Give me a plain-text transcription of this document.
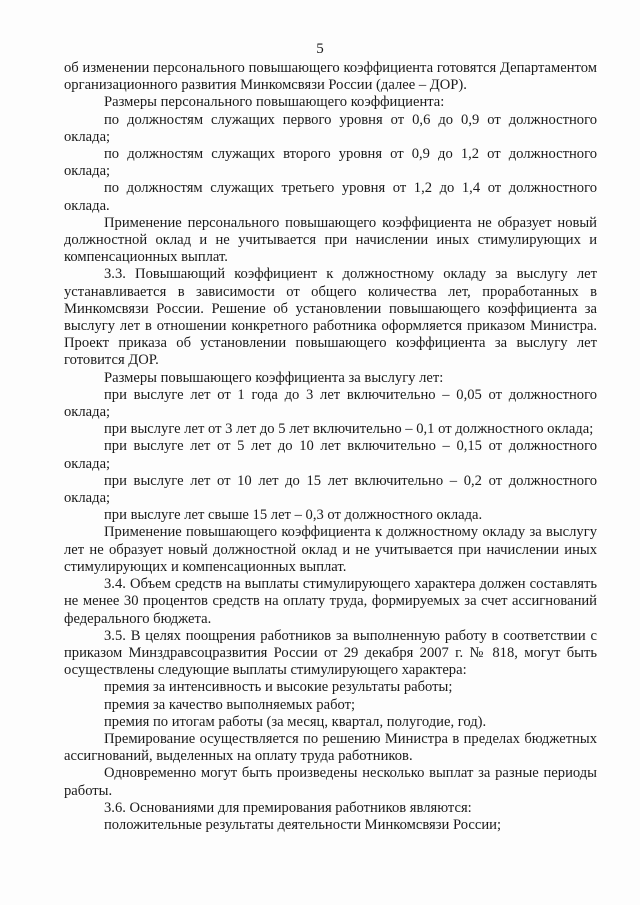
5

об изменении персонального повышающего коэффициента готовятся Департаментом организационного развития Минкомсвязи России (далее – ДОР).

Размеры персонального повышающего коэффициента:

по должностям служащих первого уровня от 0,6 до 0,9 от должностного оклада;

по должностям служащих второго уровня от 0,9 до 1,2 от должностного оклада;

по должностям служащих третьего уровня от 1,2 до 1,4 от должностного оклада.

Применение персонального повышающего коэффициента не образует новый должностной оклад и не учитывается при начислении иных стимулирующих и компенсационных выплат.

3.3. Повышающий коэффициент к должностному окладу за выслугу лет устанавливается в зависимости от общего количества лет, проработанных в Минкомсвязи России. Решение об установлении повышающего коэффициента за выслугу лет в отношении конкретного работника оформляется приказом Министра. Проект приказа об установлении повышающего коэффициента за выслугу лет готовится ДОР.

Размеры повышающего коэффициента за выслугу лет:

при выслуге лет от 1 года до 3 лет включительно – 0,05 от должностного оклада;

при выслуге лет от 3 лет до 5 лет включительно – 0,1 от должностного оклада;

при выслуге лет от 5 лет до 10 лет включительно – 0,15 от должностного оклада;

при выслуге лет от 10 лет до 15 лет включительно – 0,2 от должностного оклада;

при выслуге лет свыше 15 лет – 0,3 от должностного оклада.

Применение повышающего коэффициента к должностному окладу за выслугу лет не образует новый должностной оклад и не учитывается при начислении иных стимулирующих и компенсационных выплат.

3.4. Объем средств на выплаты стимулирующего характера должен составлять не менее 30 процентов средств на оплату труда, формируемых за счет ассигнований федерального бюджета.

3.5. В целях поощрения работников за выполненную работу в соответствии с приказом Минздравсоцразвития России от 29 декабря 2007 г. № 818, могут быть осуществлены следующие выплаты стимулирующего характера:

премия за интенсивность и высокие результаты работы;

премия за качество выполняемых работ;

премия по итогам работы (за месяц, квартал, полугодие, год).

Премирование осуществляется по решению Министра в пределах бюджетных ассигнований, выделенных на оплату труда работников.

Одновременно могут быть произведены несколько выплат за разные периоды работы.

3.6. Основаниями для премирования работников являются:

положительные результаты деятельности Минкомсвязи России;
